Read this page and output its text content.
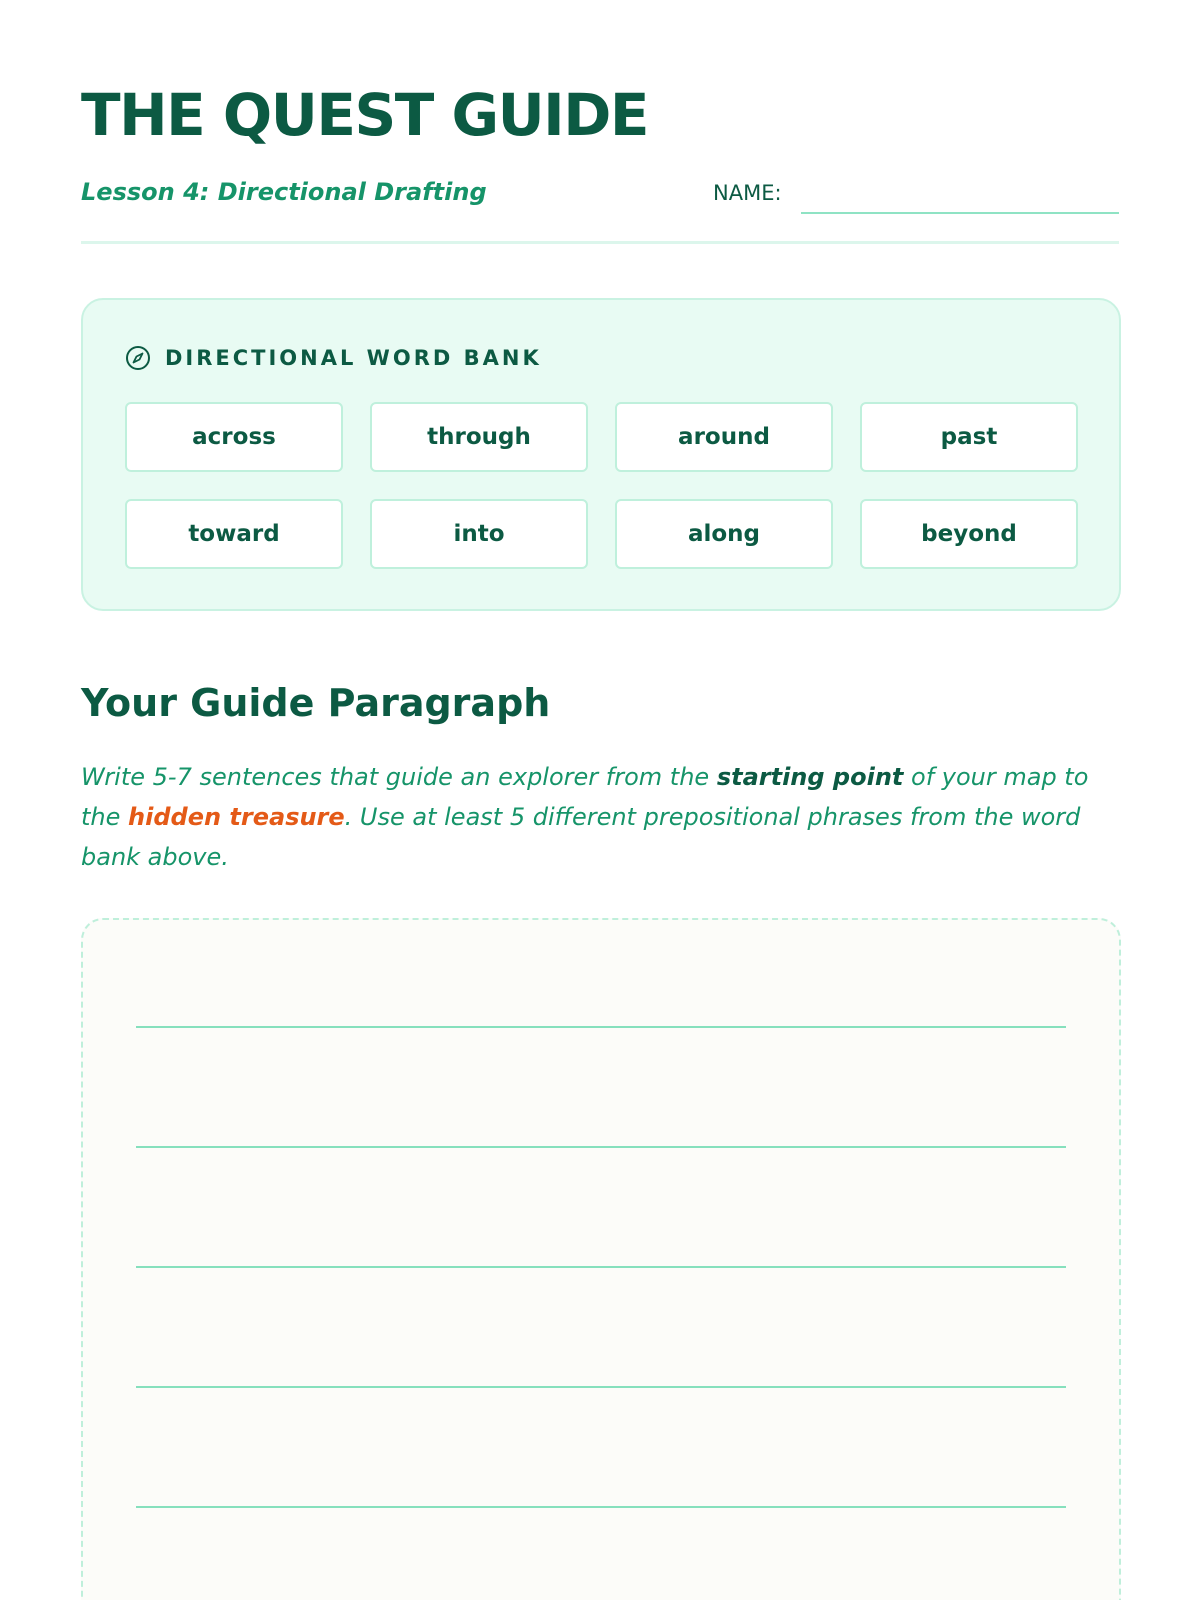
THE QUEST GUIDE
Lesson 4: Directional Drafting	NAME:
DIRECTIONAL WORD BANK
across	through	around	past
toward	into	along	beyond
Your Guide Paragraph

Write 5-7 sentences that guide an explorer from the starting point of your map to the hidden treasure. Use at least 5 different prepositional phrases from the word bank above.
